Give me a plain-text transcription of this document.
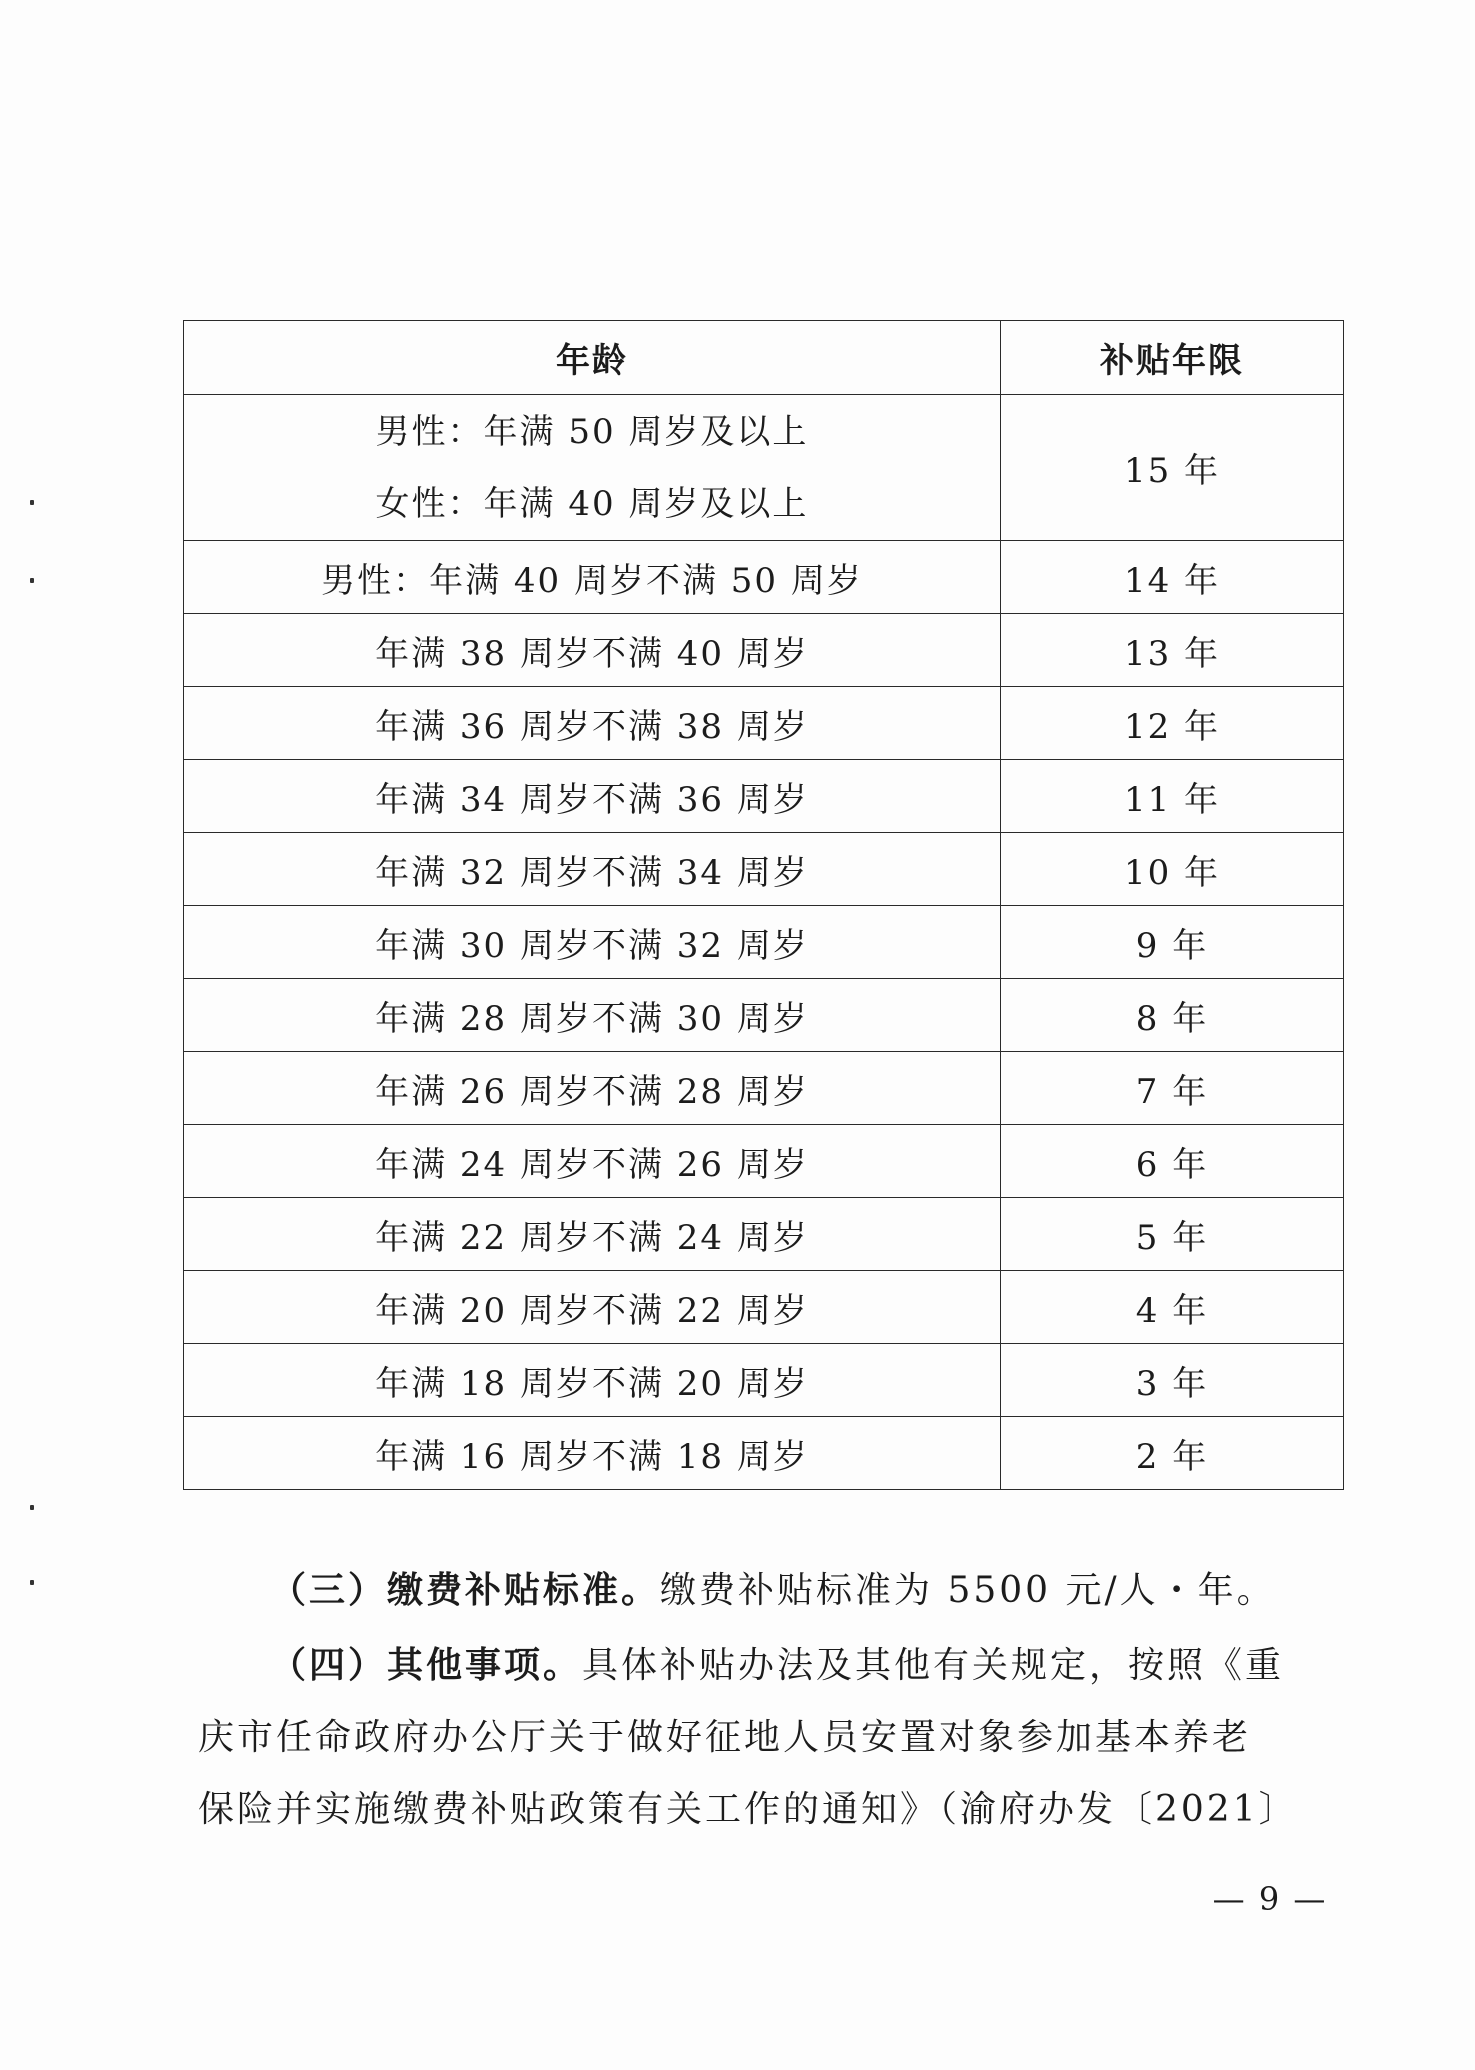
年龄	补贴年限

男性：年满 50 周岁及以上
女性：年满 40 周岁及以上	15 年
男性：年满 40 周岁不满 50 周岁	14 年
年满 38 周岁不满 40 周岁	13 年
年满 36 周岁不满 38 周岁	12 年
年满 34 周岁不满 36 周岁	11 年
年满 32 周岁不满 34 周岁	10 年
年满 30 周岁不满 32 周岁	9 年
年满 28 周岁不满 30 周岁	8 年
年满 26 周岁不满 28 周岁	7 年
年满 24 周岁不满 26 周岁	6 年
年满 22 周岁不满 24 周岁	5 年
年满 20 周岁不满 22 周岁	4 年
年满 18 周岁不满 20 周岁	3 年
年满 16 周岁不满 18 周岁	2 年

（三）缴费补贴标准。缴费补贴标准为 5500 元/人・年。

（四）其他事项。具体补贴办法及其他有关规定，按照《重

庆市任命政府办公厅关于做好征地人员安置对象参加基本养老

保险并实施缴费补贴政策有关工作的通知》（渝府办发〔2021〕

— 9 —
